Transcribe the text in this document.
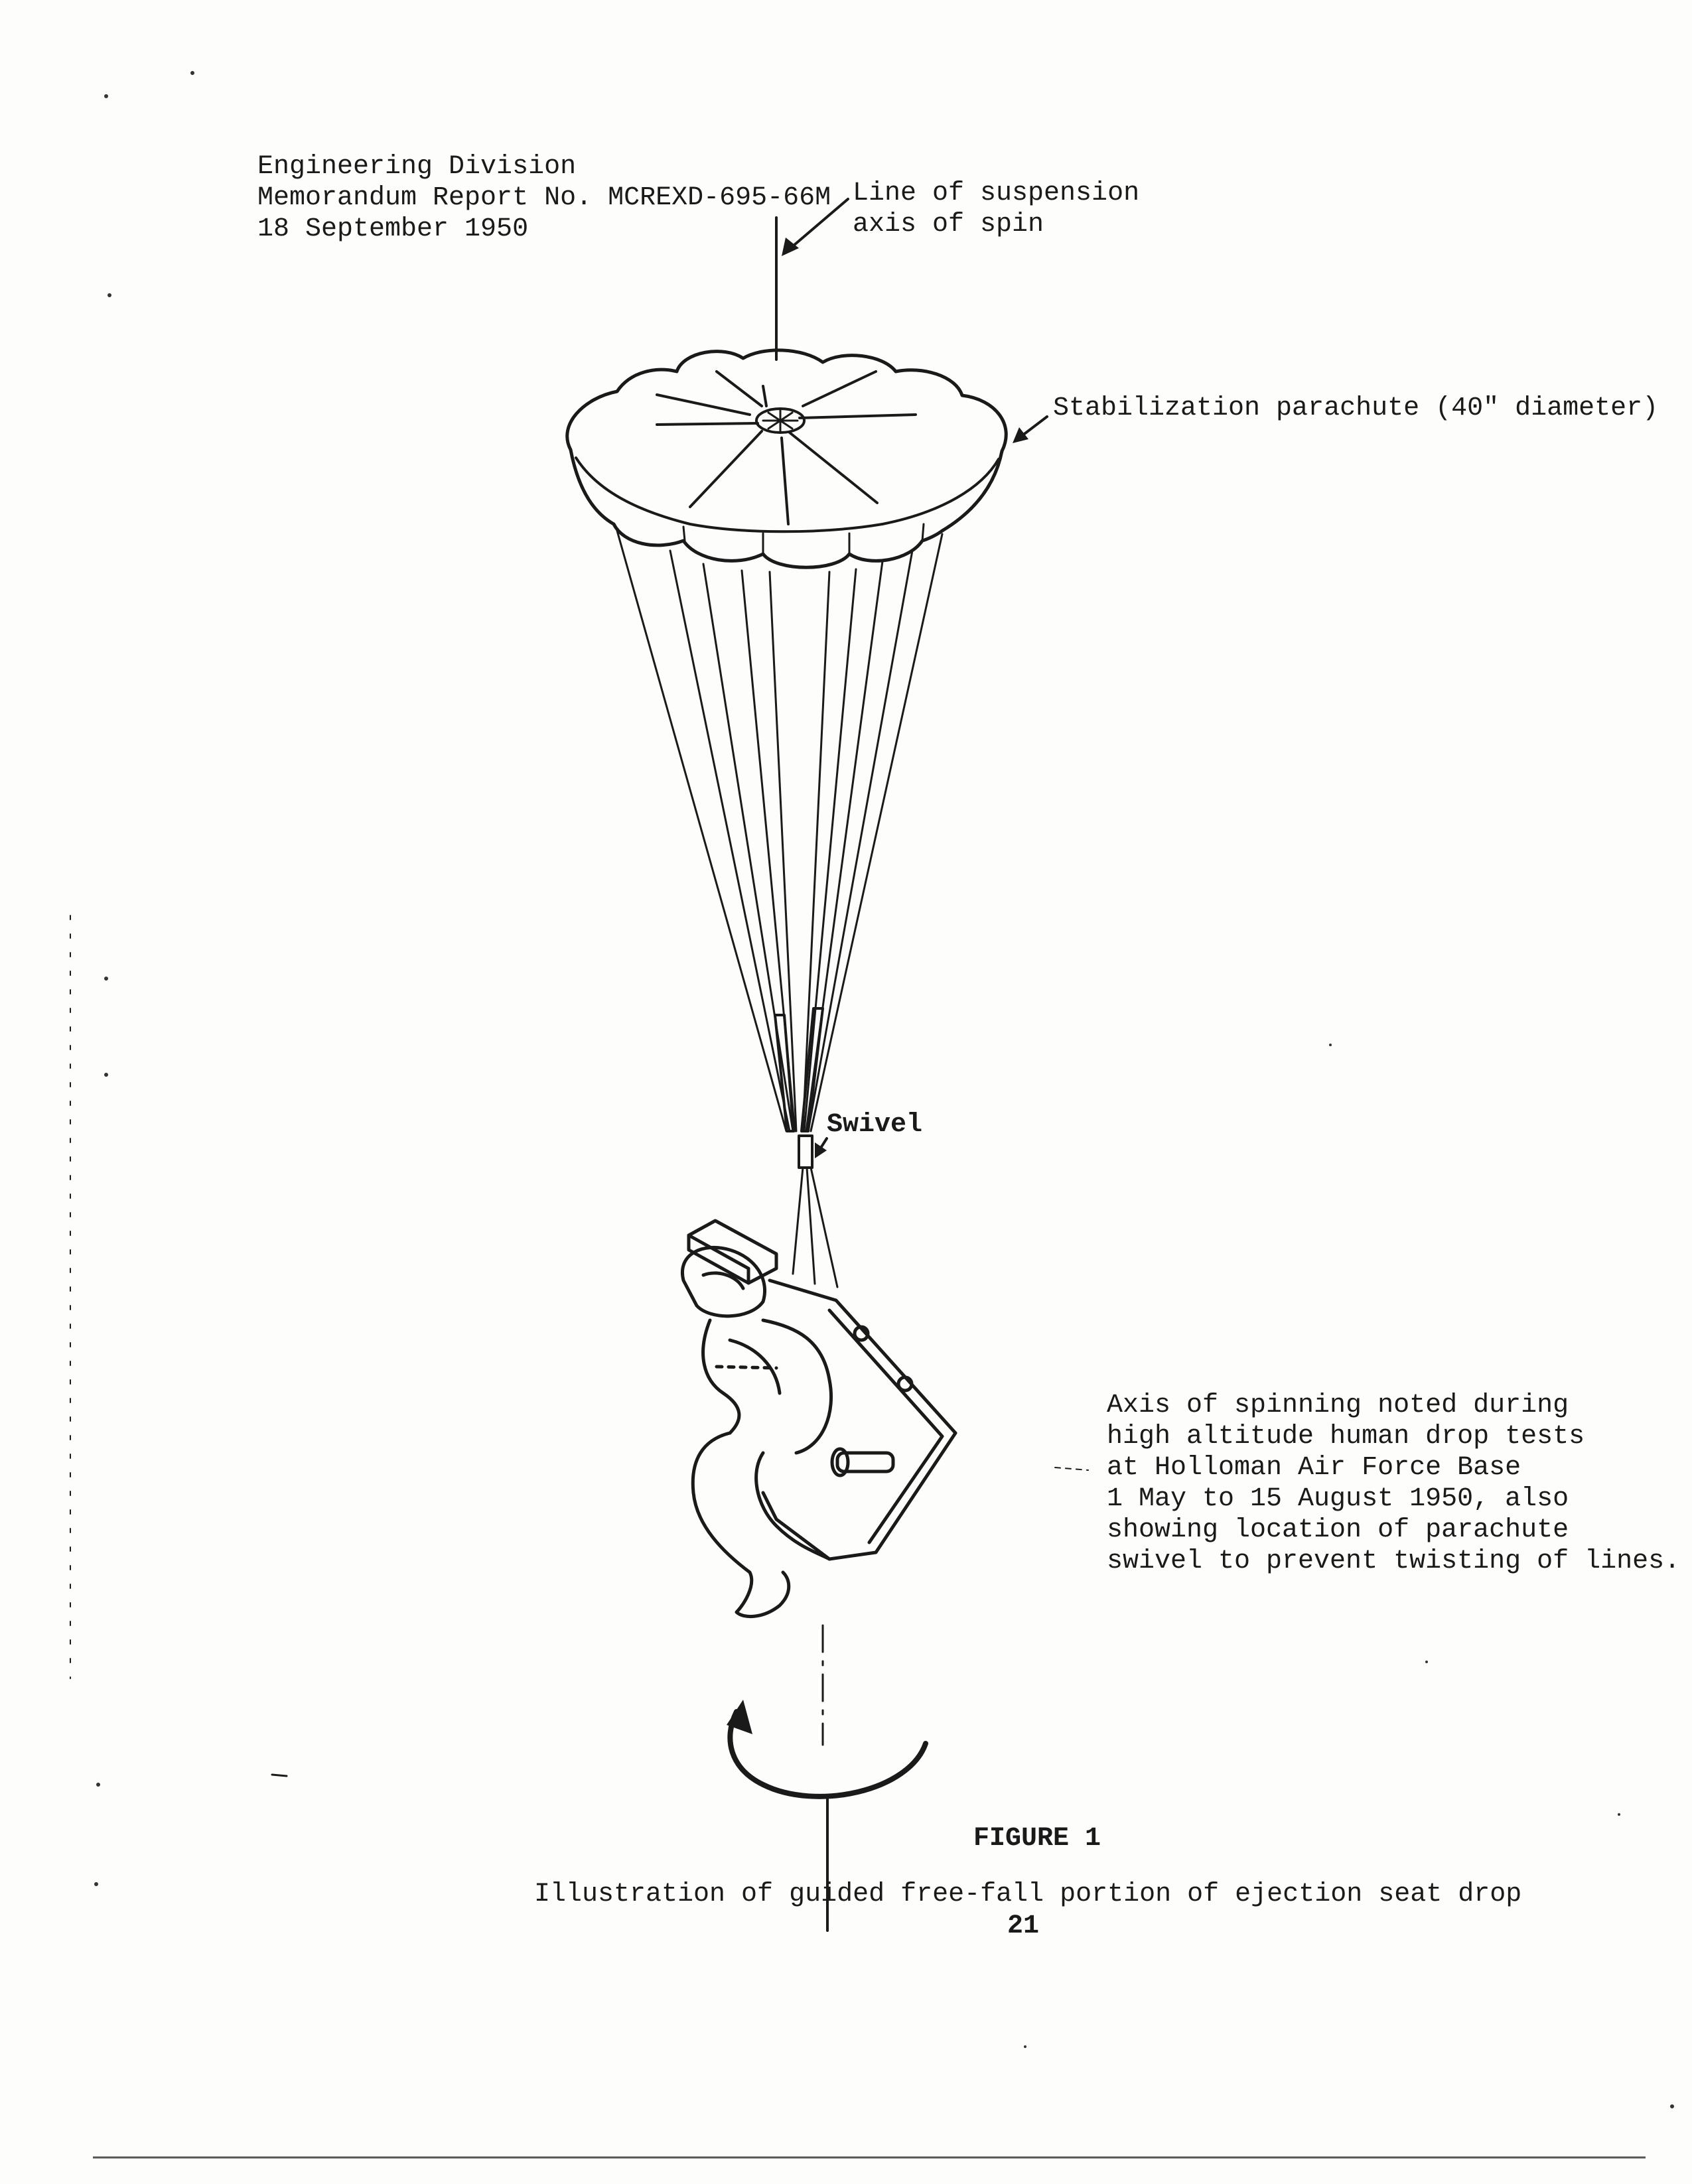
Engineering Division
Memorandum Report No. MCREXD-695-66M
18 September 1950
Line of suspension
axis of spin
Stabilization parachute (40" diameter)
Swivel
Axis of spinning noted during
high altitude human drop tests
at Holloman Air Force Base
1 May to 15 August 1950, also
showing location of parachute
swivel to prevent twisting of lines.
FIGURE 1
Illustration of guided free-fall portion of ejection seat drop
21
